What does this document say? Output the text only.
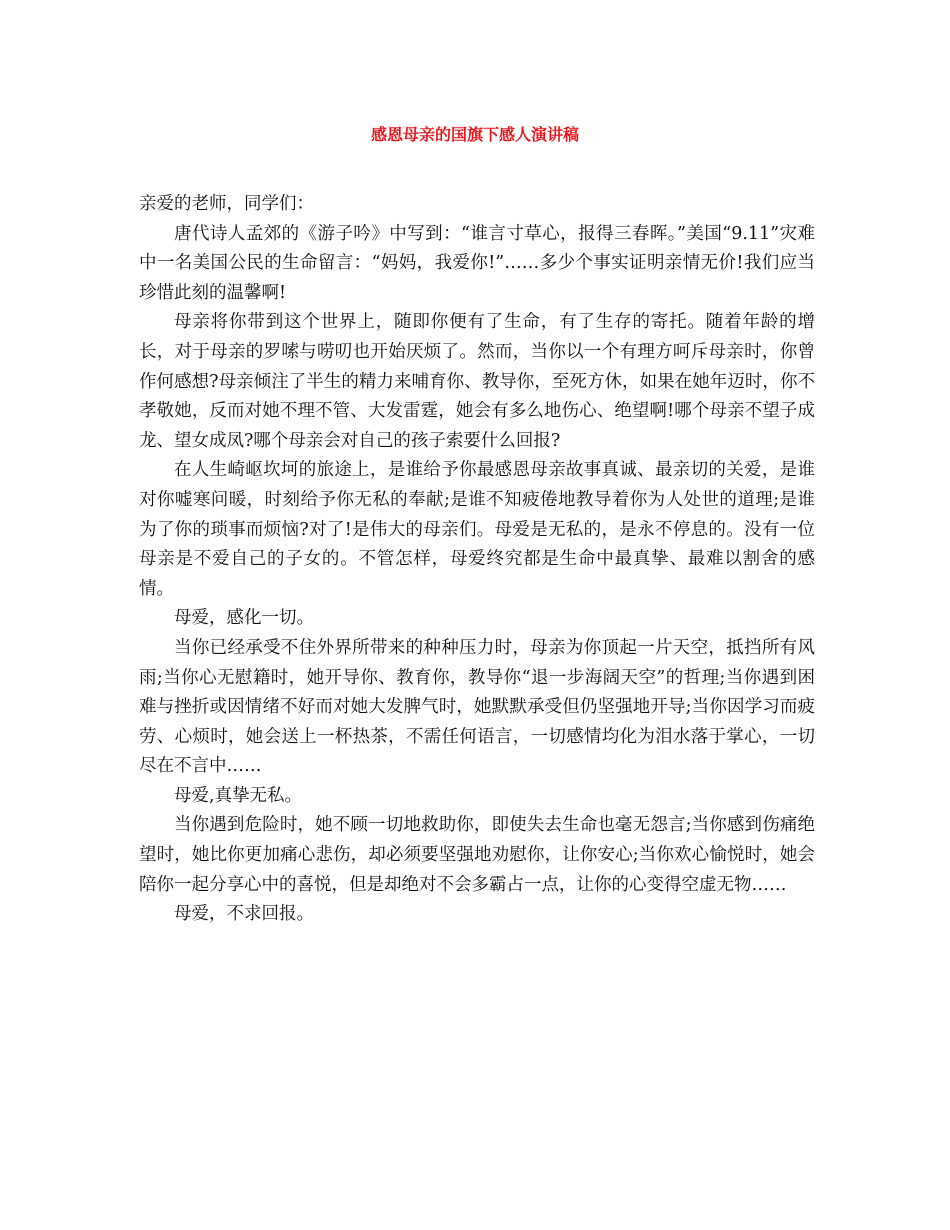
感恩母亲的国旗下感人演讲稿

亲爱的老师，同学们：

唐代诗人孟郊的《游子吟》中写到：“谁言寸草心，报得三春晖。”美国“9.11”灾难中一名美国公民的生命留言：“妈妈，我爱你!”……多少个事实证明亲情无价!我们应当珍惜此刻的温馨啊!

母亲将你带到这个世界上，随即你便有了生命，有了生存的寄托。随着年龄的增长，对于母亲的罗嗦与唠叨也开始厌烦了。然而，当你以一个有理方呵斥母亲时，你曾作何感想?母亲倾注了半生的精力来哺育你、教导你，至死方休，如果在她年迈时，你不孝敬她，反而对她不理不管、大发雷霆，她会有多么地伤心、绝望啊!哪个母亲不望子成龙、望女成凤?哪个母亲会对自己的孩子索要什么回报?

在人生崎岖坎坷的旅途上，是谁给予你最感恩母亲故事真诚、最亲切的关爱，是谁对你嘘寒问暖，时刻给予你无私的奉献;是谁不知疲倦地教导着你为人处世的道理;是谁为了你的琐事而烦恼?对了!是伟大的母亲们。母爱是无私的，是永不停息的。没有一位母亲是不爱自己的子女的。不管怎样，母爱终究都是生命中最真挚、最难以割舍的感情。

母爱，感化一切。

当你已经承受不住外界所带来的种种压力时，母亲为你顶起一片天空，抵挡所有风雨;当你心无慰籍时，她开导你、教育你，教导你“退一步海阔天空”的哲理;当你遇到困难与挫折或因情绪不好而对她大发脾气时，她默默承受但仍坚强地开导;当你因学习而疲劳、心烦时，她会送上一杯热茶，不需任何语言，一切感情均化为泪水落于掌心，一切尽在不言中……

母爱,真挚无私。

当你遇到危险时，她不顾一切地救助你，即使失去生命也毫无怨言;当你感到伤痛绝望时，她比你更加痛心悲伤，却必须要坚强地劝慰你，让你安心;当你欢心愉悦时，她会陪你一起分享心中的喜悦，但是却绝对不会多霸占一点，让你的心变得空虚无物……

母爱，不求回报。
